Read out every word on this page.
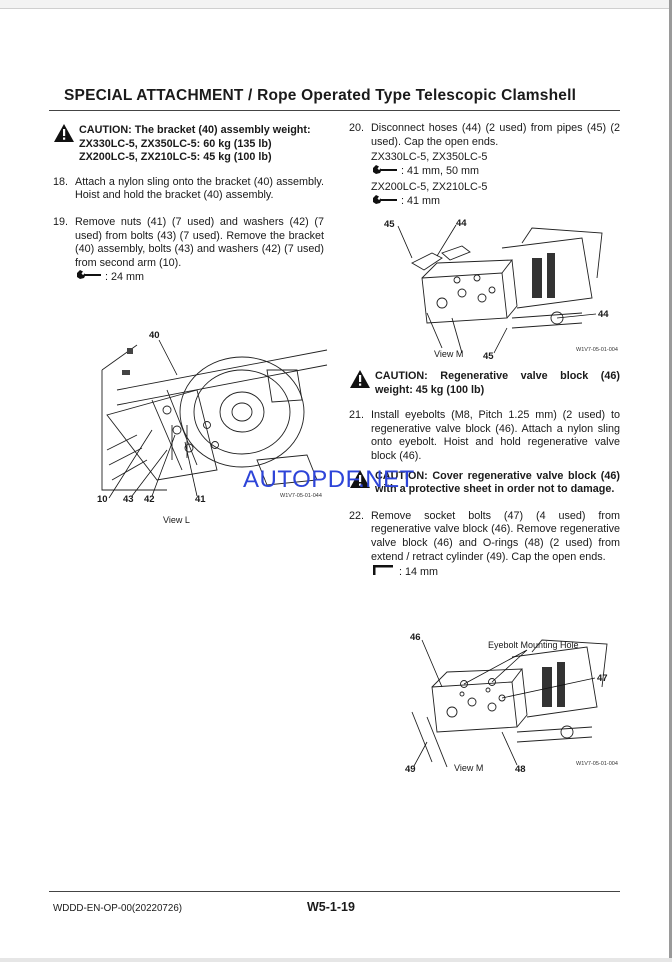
SPECIAL ATTACHMENT / Rope Operated Type Telescopic Clamshell
CAUTION: The bracket (40) assembly weight:
ZX330LC-5, ZX350LC-5: 60 kg (135 lb)
ZX200LC-5, ZX210LC-5: 45 kg (100 lb)
18. Attach a nylon sling onto the bracket (40) assembly. Hoist and hold the bracket (40) assembly.
19. Remove nuts (41) (7 used) and washers (42) (7 used) from bolts (43) (7 used). Remove the bracket (40) assembly, bolts (43) and washers (42) (7 used) from second arm (10).
: 24 mm
40
10 43 42	41	W1V7-05-01-044
View L
20. Disconnect hoses (44) (2 used) from pipes (45) (2 used). Cap the open ends.
ZX330LC-5, ZX350LC-5
: 41 mm, 50 mm
ZX200LC-5, ZX210LC-5
: 41 mm
45	44
44
45
View M	W1V7-05-01-004
CAUTION: Regenerative valve block (46) weight: 45 kg (100 lb)
21. Install eyebolts (M8, Pitch 1.25 mm) (2 used) to regenerative valve block (46). Attach a nylon sling onto eyebolt. Hoist and hold regenerative valve block (46).
CAUTION: Cover regenerative valve block (46) with a protective sheet in order not to damage.
22. Remove socket bolts (47) (4 used) from regenerative valve block (46). Remove regenerative valve block (46) and O-rings (48) (2 used) from extend / retract cylinder (49). Cap the open ends.
: 14 mm
46
Eyebolt Mounting Hole
47
49	48
View M	W1V7-05-01-004
AUTOPDF.NET
WDDD-EN-OP-00(20220726)	W5-1-19
